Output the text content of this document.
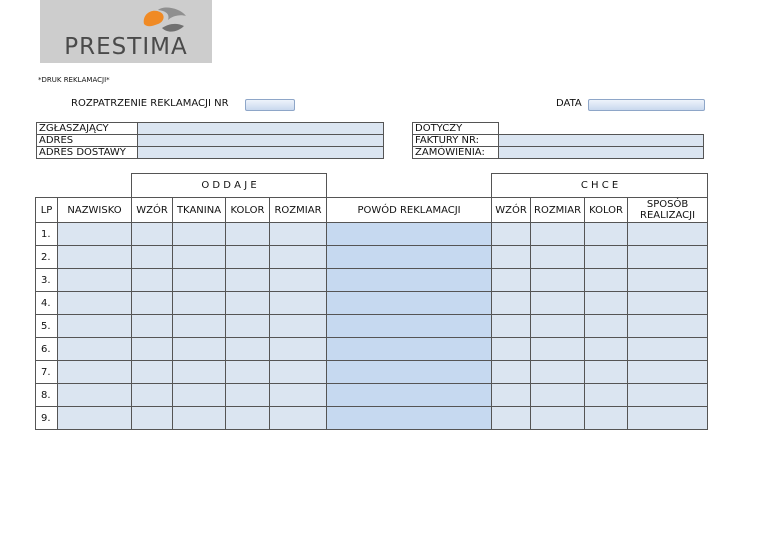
PRESTIMA
*DRUK REKLAMACJI*
ROZPATRZENIE REKLAMACJI NR	DATA
ZGŁASZAJĄCY	
ADRES	
ADRES DOSTAWY	
DOTYCZY	
FAKTURY NR:	
ZAMÓWIENIA:	
		O D D A J E					C H C E			
LP	NAZWISKO	WZÓR	TKANINA	KOLOR	ROZMIAR	POWÓD REKLAMACJI	WZÓR	ROZMIAR	KOLOR	SPOSÓB
REALIZACJI

1.										
2.										
3.										
4.										
5.										
6.										
7.										
8.										
9.										
